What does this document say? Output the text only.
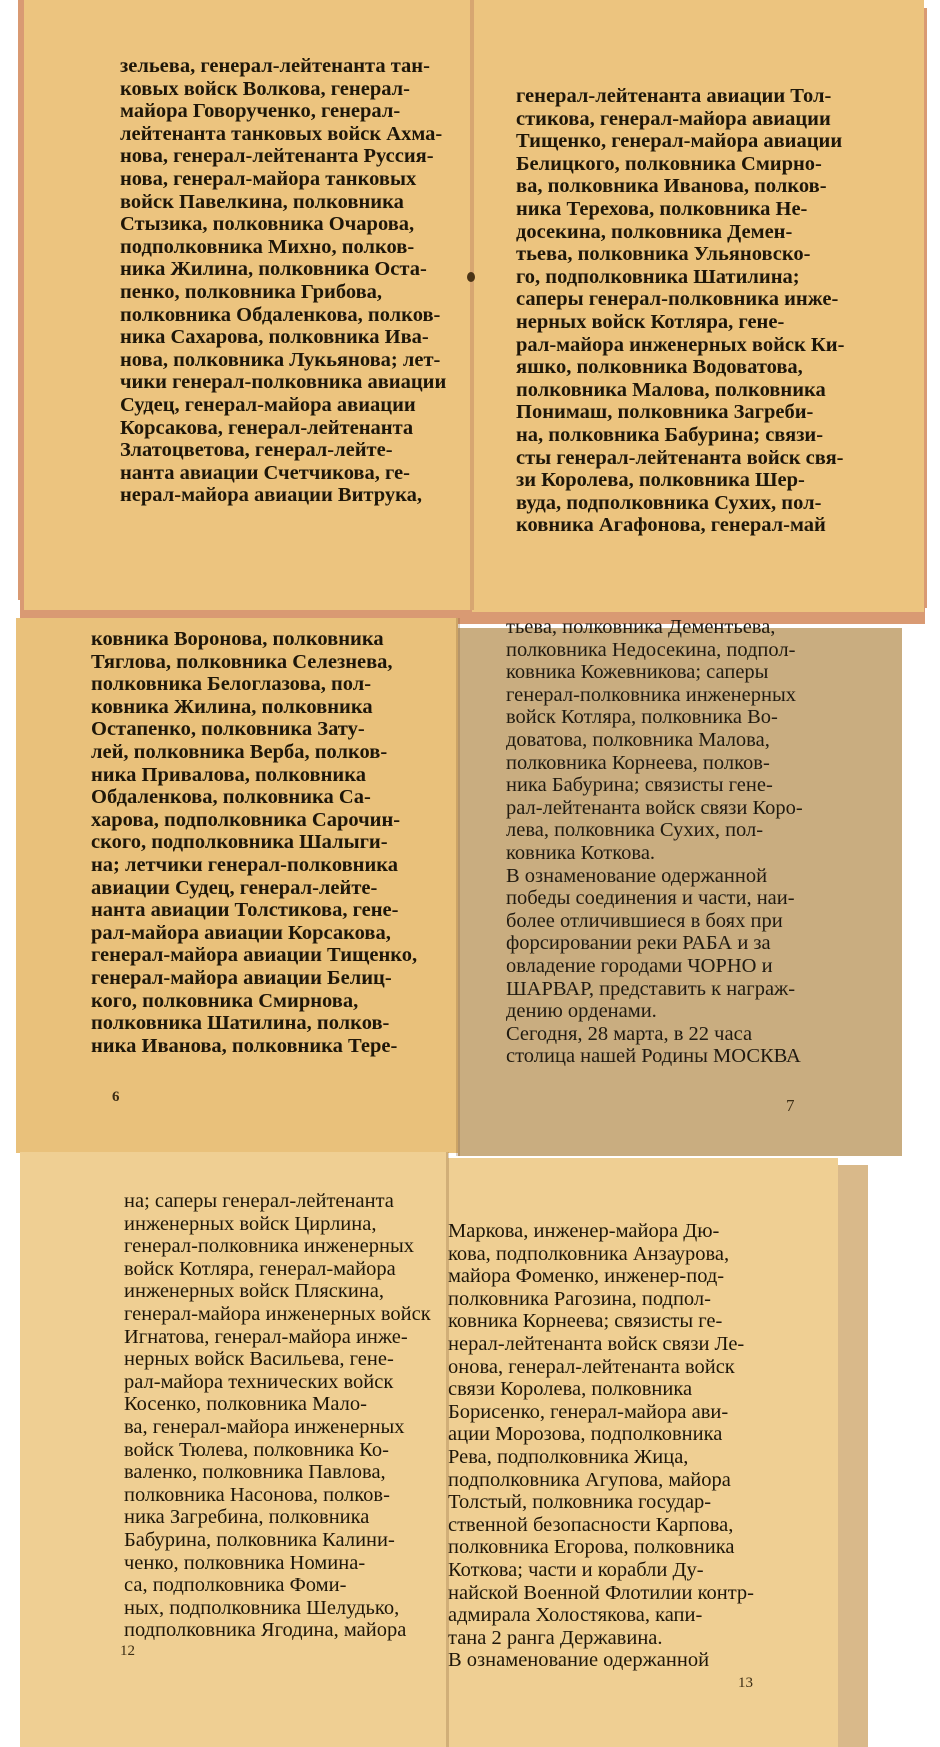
зельева, генерал-лейтенанта тан-
ковых войск Волкова, генерал-
майора Говорученко, генерал-
лейтенанта танковых войск Ахма-
нова, генерал-лейтенанта Руссия-
нова, генерал-майора танковых
войск Павелкина, полковника
Стызика, полковника Очарова,
подполковника Михно, полков-
ника Жилина, полковника Оста-
пенко, полковника Грибова,
полковника Обдаленкова, полков-
ника Сахарова, полковника Ива-
нова, полковника Лукьянова; лет-
чики генерал-полковника авиации
Судец, генерал-майора авиации
Корсакова, генерал-лейтенанта
Златоцветова, генерал-лейте-
нанта авиации Счетчикова, ге-
нерал-майора авиации Витрука,
генерал-лейтенанта авиации Тол-
стикова, генерал-майора авиации
Тищенко, генерал-майора авиации
Белицкого, полковника Смирно-
ва, полковника Иванова, полков-
ника Терехова, полковника Не-
досекина, полковника Демен-
тьева, полковника Ульяновско-
го, подполковника Шатилина;
саперы генерал-полковника инже-
нерных войск Котляра, гене-
рал-майора инженерных войск Ки-
яшко, полковника Водоватова,
полковника Малова, полковника
Понимаш, полковника Загреби-
на, полковника Бабурина; связи-
сты генерал-лейтенанта войск свя-
зи Королева, полковника Шер-
вуда, подполковника Сухих, пол-
ковника Агафонова, генерал-май
ковника Воронова, полковника
Тяглова, полковника Селезнева,
полковника Белоглазова, пол-
ковника Жилина, полковника
Остапенко, полковника Зату-
лей, полковника Верба, полков-
ника Привалова, полковника
Обдаленкова, полковника Са-
харова, подполковника Сарочин-
ского, подполковника Шалыги-
на; летчики генерал-полковника
авиации Судец, генерал-лейте-
нанта авиации Толстикова, гене-
рал-майора авиации Корсакова,
генерал-майора авиации Тищенко,
генерал-майора авиации Белиц-
кого, полковника Смирнова,
полковника Шатилина, полков-
ника Иванова, полковника Тере-
6
тьева, полковника Дементьева,
полковника Недосекина, подпол-
ковника Кожевникова; саперы
генерал-полковника инженерных
войск Котляра, полковника Во-
доватова, полковника Малова,
полковника Корнеева, полков-
ника Бабурина; связисты гене-
рал-лейтенанта войск связи Коро-
лева, полковника Сухих, пол-
ковника Коткова.
В ознаменование одержанной
победы соединения и части, наи-
более отличившиеся в боях при
форсировании реки РАБА и за
овладение городами ЧОРНО и
ШАРВАР, представить к награж-
дению орденами.
Сегодня, 28 марта, в 22 часа
столица нашей Родины МОСКВА
7
на; саперы генерал-лейтенанта
инженерных войск Цирлина,
генерал-полковника инженерных
войск Котляра, генерал-майора
инженерных войск Пляскина,
генерал-майора инженерных войск
Игнатова, генерал-майора инже-
нерных войск Васильева, гене-
рал-майора технических войск
Косенко, полковника Мало-
ва, генерал-майора инженерных
войск Тюлева, полковника Ко-
валенко, полковника Павлова,
полковника Насонова, полков-
ника Загребина, полковника
Бабурина, полковника Калини-
ченко, полковника Номина-
са, подполковника Фоми-
ных, подполковника Шелудько,
подполковника Ягодина, майора
12
Маркова, инженер-майора Дю-
кова, подполковника Анзаурова,
майора Фоменко, инженер-под-
полковника Рагозина, подпол-
ковника Корнеева; связисты ге-
нерал-лейтенанта войск связи Ле-
онова, генерал-лейтенанта войск
связи Королева, полковника
Борисенко, генерал-майора ави-
ации Морозова, подполковника
Рева, подполковника Жица,
подполковника Агупова, майора
Толстый, полковника государ-
ственной безопасности Карпова,
полковника Егорова, полковника
Коткова; части и корабли Ду-
найской Военной Флотилии контр-
адмирала Холостякова, капи-
тана 2 ранга Державина.
В ознаменование одержанной
13
